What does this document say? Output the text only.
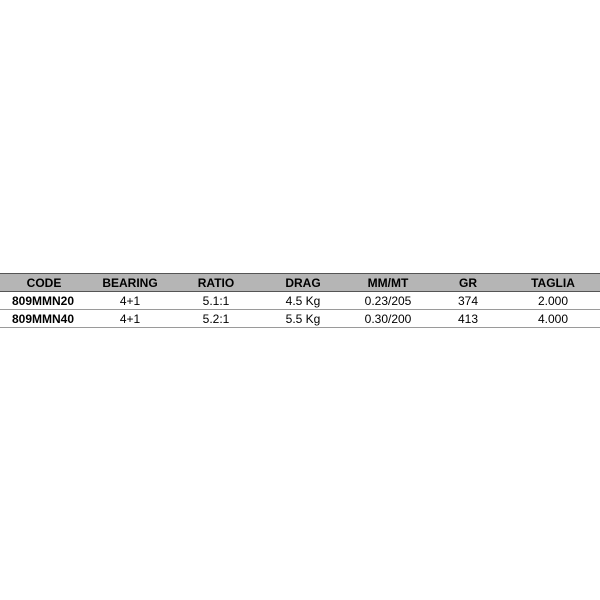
CODE	BEARING	RATIO	DRAG	MM/MT	GR	TAGLIA
809MMN20	4+1	5.1:1	4.5 Kg	0.23/205	374	2.000
809MMN40	4+1	5.2:1	5.5 Kg	0.30/200	413	4.000
